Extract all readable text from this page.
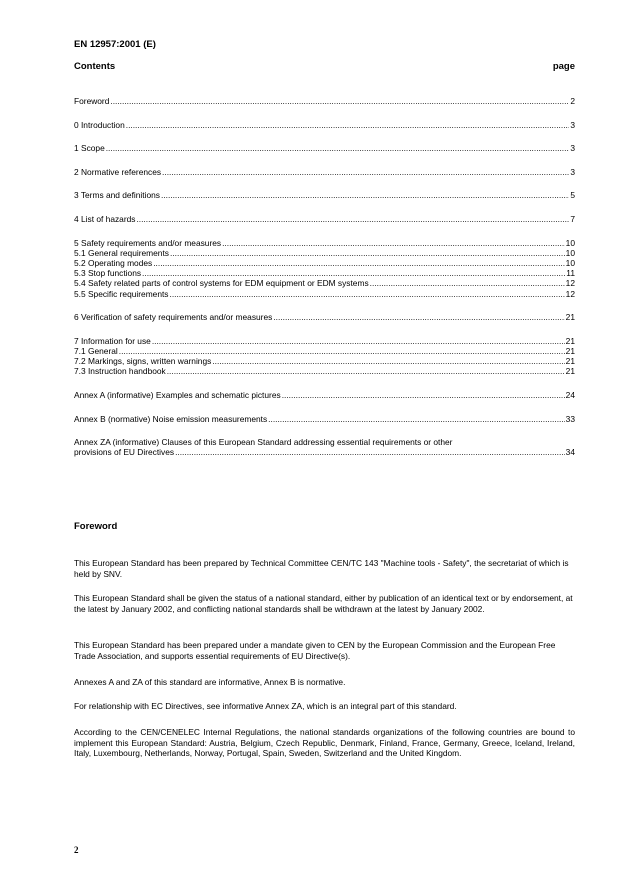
EN 12957:2001 (E)
Contents	page
Foreword .....	2
0 Introduction .....	3
1 Scope .....	3
2 Normative references .....	3
3 Terms and definitions .....	5
4 List of hazards .....	7
5 Safety requirements and/or measures .....	10
5.1 General requirements .....	10
5.2 Operating modes .....	10
5.3 Stop functions .....	11
5.4 Safety related parts of control systems for EDM equipment or EDM systems .....	12
5.5 Specific requirements .....	12
6 Verification of safety requirements and/or measures .....	21
7 Information for use .....	21
7.1 General .....	21
7.2 Markings, signs, written warnings .....	21
7.3 Instruction handbook .....	21
Annex A (informative) Examples and schematic pictures .....	24
Annex B (normative) Noise emission measurements .....	33
Annex ZA (informative) Clauses of this European Standard addressing essential requirements or other
provisions of EU Directives .....	34
Foreword

This European Standard has been prepared by Technical Committee CEN/TC 143 "Machine tools - Safety", the secretariat of which is held by SNV.

This European Standard shall be given the status of a national standard, either by publication of an identical text or by endorsement, at the latest by January 2002, and conflicting national standards shall be withdrawn at the latest by January 2002.

This European Standard has been prepared under a mandate given to CEN by the European Commission and the European Free Trade Association, and supports essential requirements of EU Directive(s).

Annexes A and ZA of this standard are informative, Annex B is normative.

For relationship with EC Directives, see informative Annex ZA, which is an integral part of this standard.

According to the CEN/CENELEC Internal Regulations, the national standards organizations of the following countries are bound to implement this European Standard: Austria, Belgium, Czech Republic, Denmark, Finland, France, Germany, Greece, Iceland, Ireland, Italy, Luxembourg, Netherlands, Norway, Portugal, Spain, Sweden, Switzerland and the United Kingdom.

2
